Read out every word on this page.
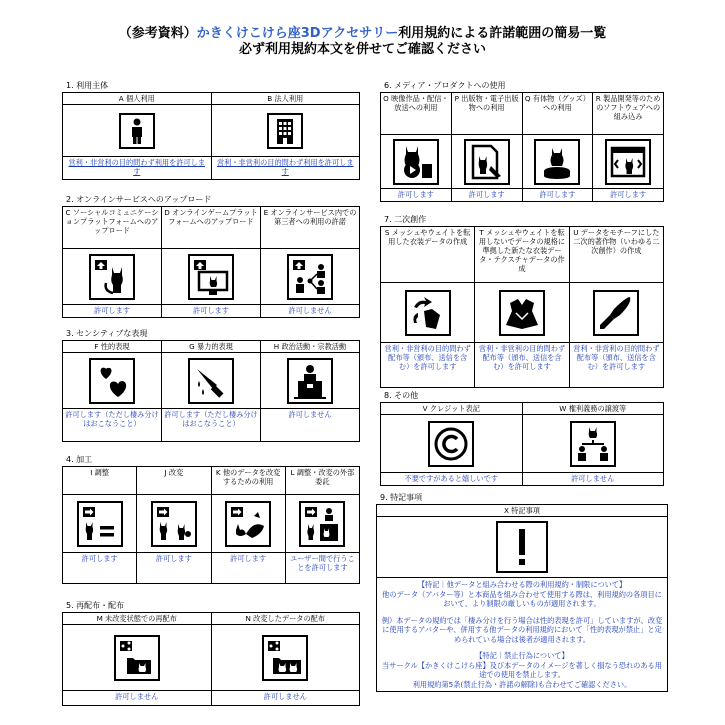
（参考資料）かきくけこけら座3Dアクセサリー利用規約による許諾範囲の簡易一覧
必ず利用規約本文を併せてご確認ください
1. 利用主体
A 個人利用
営利・非営利の目的問わず利用を許可します
B 法人利用
営利・非営利の目的問わず利用を許可します
2. オンラインサービスへのアップロード
C ソーシャルコミュニケーションプラットフォームへのアップロード
許可します
D オンラインゲームプラットフォームへのアップロード
許可します
E オンラインサービス内での第三者への利用の許諾
許可しません
3. センシティブな表現
F 性的表現
許可します（ただし棲み分けはおこなうこと）
G 暴力的表現
許可します（ただし棲み分けはおこなうこと）
H 政治活動・宗教活動
許可しません
4. 加工
I 調整
許可します
J 改変
許可します
K 他のデータを改変するための利用
許可します
L 調整・改変の外部委託
ユーザー間で行うことを許可します
5. 再配布・配布
M 未改変状態での再配布
許可しません
N 改変したデータの配布
許可しません
6. メディア・プロダクトへの使用
O 映像作品・配信・放送への利用
許可します
P 出版物・電子出版物への利用
許可します
Q 有体物（グッズ）への利用
許可します
R 製品開発等のためのソフトウェアへの組み込み
許可します
7. 二次創作
S メッシュやウェイトを転用した衣装データの作成
営利・非営利の目的問わず配布等（頒布、送信を含む）を許可します
T メッシュやウェイトを転用しないでデータの規格に準拠した新たな衣装データ・テクスチャデータの作成
営利・非営利の目的問わず配布等（頒布、送信を含む）を許可します
U データをモチーフにした二次的著作物（いわゆる二次創作）の作成
営利・非営利の目的問わず配布等（頒布、送信を含む）を許可します
8. その他
V クレジット表記
不要ですがあると嬉しいです
W 権利義務の譲渡等
許可しません
9. 特記事項
X 特記事項

【特記｜他データと組み合わせる際の利用規約・制限について】

他のデータ（アバター等）と本商品を組み合わせて使用する際は、利用規約の各項目において、より制限の厳しいものが適用されます。

例）本データの規約では「棲み分けを行う場合は性的表現を許可」していますが、改変に使用するアバターや、併用する他データの利用規約において「性的表現が禁止」と定められている場合は後者が適用されます。

【特記｜禁止行為について】

当サークル【かきくけこけら座】及び本データのイメージを著しく損なう恐れのある用途での使用を禁止します。

利用規約第5条(禁止行為・許諾の解除)も合わせてご確認ください。
